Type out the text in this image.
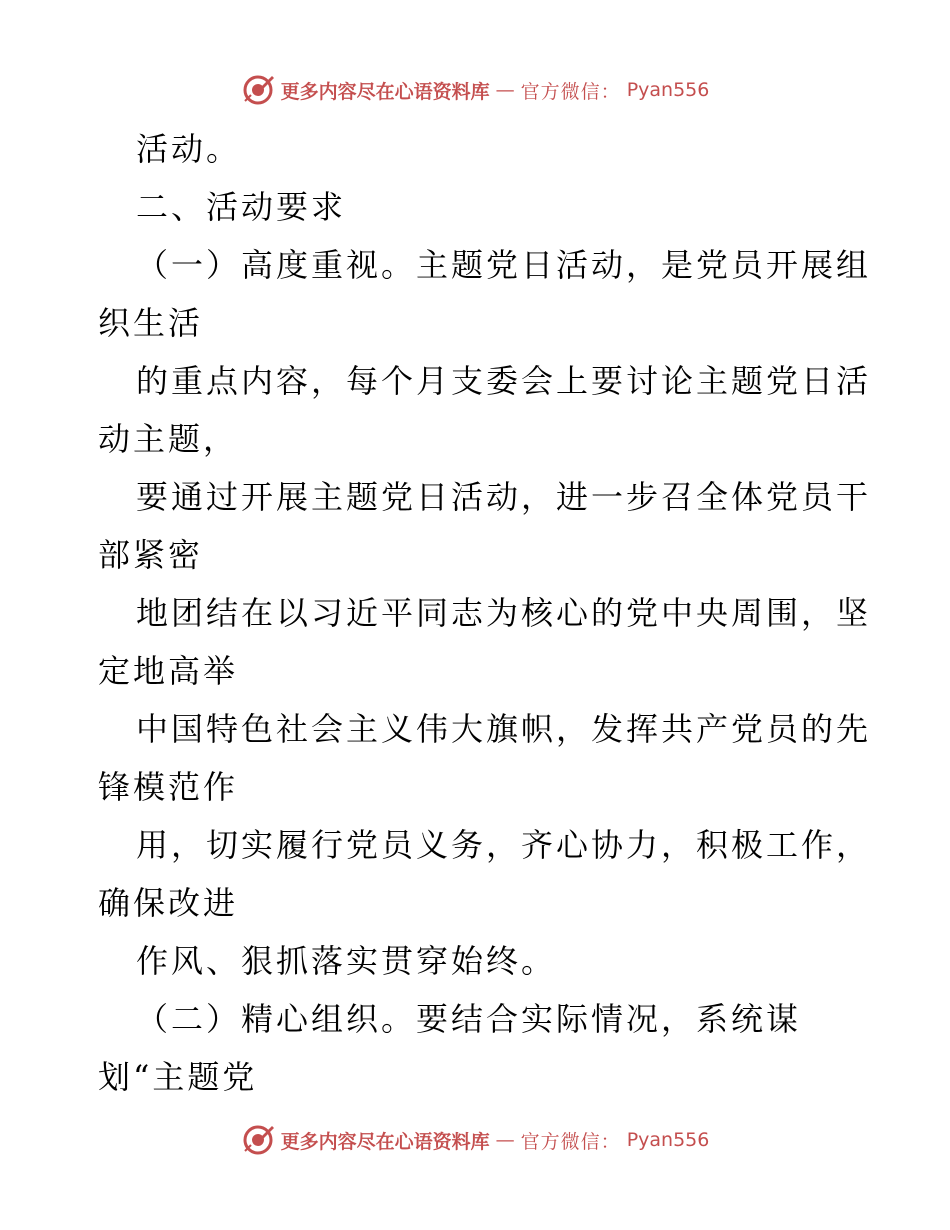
更多内容尽在心语资料库 — 官方微信： Pyan556
活动。
二、活动要求
（一）高度重视。主题党日活动，是党员开展组
织生活
的重点内容，每个月支委会上要讨论主题党日活
动主题，
要通过开展主题党日活动，进一步召全体党员干
部紧密
地团结在以习近平同志为核心的党中央周围，坚
定地高举
中国特色社会主义伟大旗帜，发挥共产党员的先
锋模范作
用，切实履行党员义务，齐心协力，积极工作，
确保改进
作风、狠抓落实贯穿始终。
（二）精心组织。要结合实际情况，系统谋
划“主题党
更多内容尽在心语资料库 — 官方微信： Pyan556
